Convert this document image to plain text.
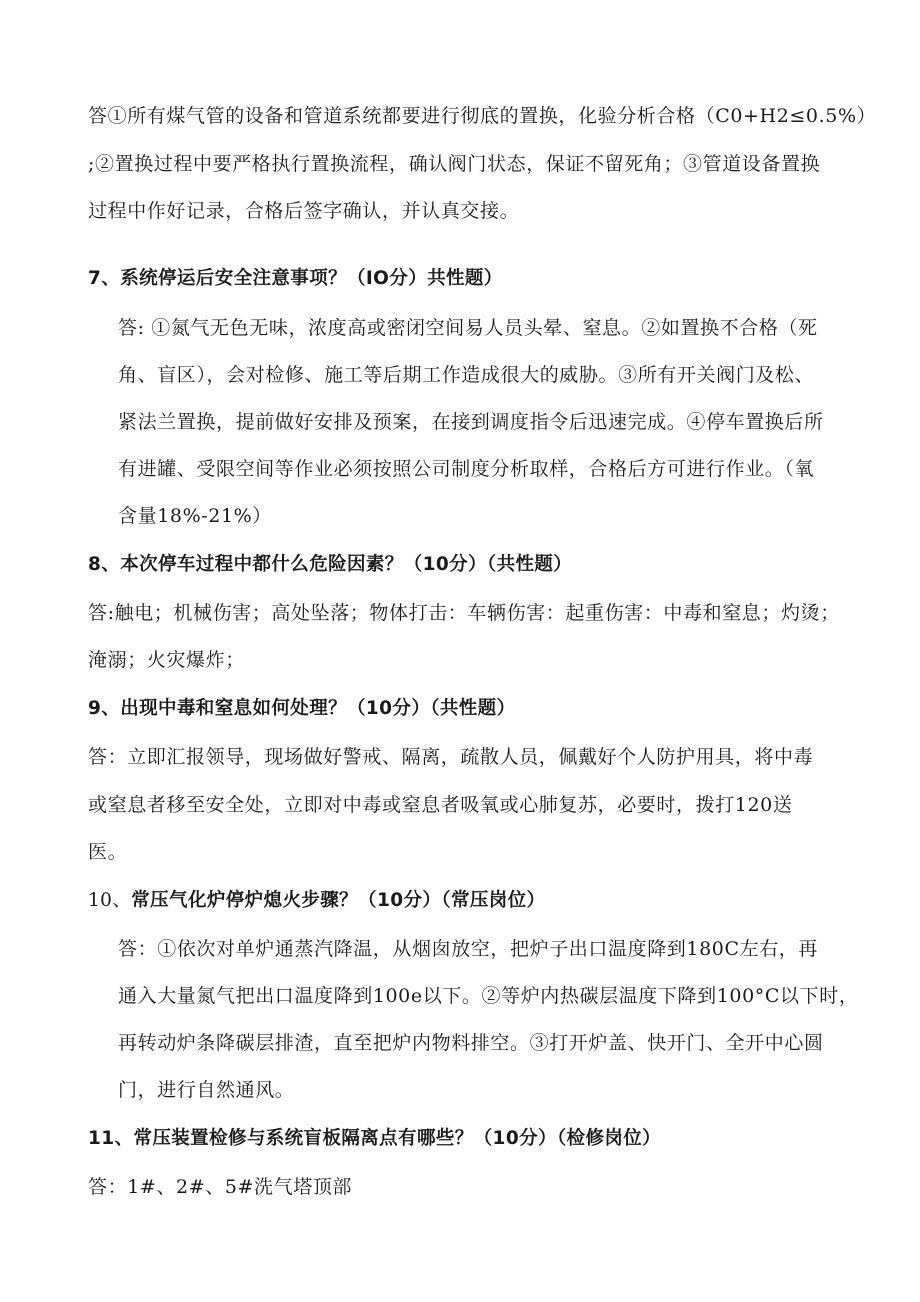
答①所有煤气管的设备和管道系统都要进行彻底的置换，化验分析合格（C0+H2≤0.5%）
;②置换过程中要严格执行置换流程，确认阀门状态，保证不留死角；③管道设备置换
过程中作好记录，合格后签字确认，并认真交接。
7、系统停运后安全注意事项？（IO分）共性题）
答: ①氮气无色无味，浓度高或密闭空间易人员头晕、窒息。②如置换不合格（死
角、盲区），会对检修、施工等后期工作造成很大的威胁。③所有开关阀门及松、
紧法兰置换，提前做好安排及预案，在接到调度指令后迅速完成。④停车置换后所
有进罐、受限空间等作业必须按照公司制度分析取样，合格后方可进行作业。（氧
含量18%-21%）
8、本次停车过程中都什么危险因素？（10分）（共性题）
答:触电；机械伤害；高处坠落；物体打击：车辆伤害：起重伤害：中毒和窒息；灼烫；
淹溺；火灾爆炸；
9、出现中毒和窒息如何处理？（10分）（共性题）
答：立即汇报领导，现场做好警戒、隔离，疏散人员，佩戴好个人防护用具，将中毒
或窒息者移至安全处，立即对中毒或窒息者吸氧或心肺复苏，必要时，拨打120送
医。
10、常压气化炉停炉熄火步骤？（10分）（常压岗位）
答：①依次对单炉通蒸汽降温，从烟囱放空，把炉子出口温度降到180C左右，再
通入大量氮气把出口温度降到100e以下。②等炉内热碳层温度下降到100°C以下时，
再转动炉条降碳层排渣，直至把炉内物料排空。③打开炉盖、快开门、全开中心圆
门，进行自然通风。
11、常压装置检修与系统盲板隔离点有哪些？（10分）（检修岗位）
答：1#、2#、5#洗气塔顶部
